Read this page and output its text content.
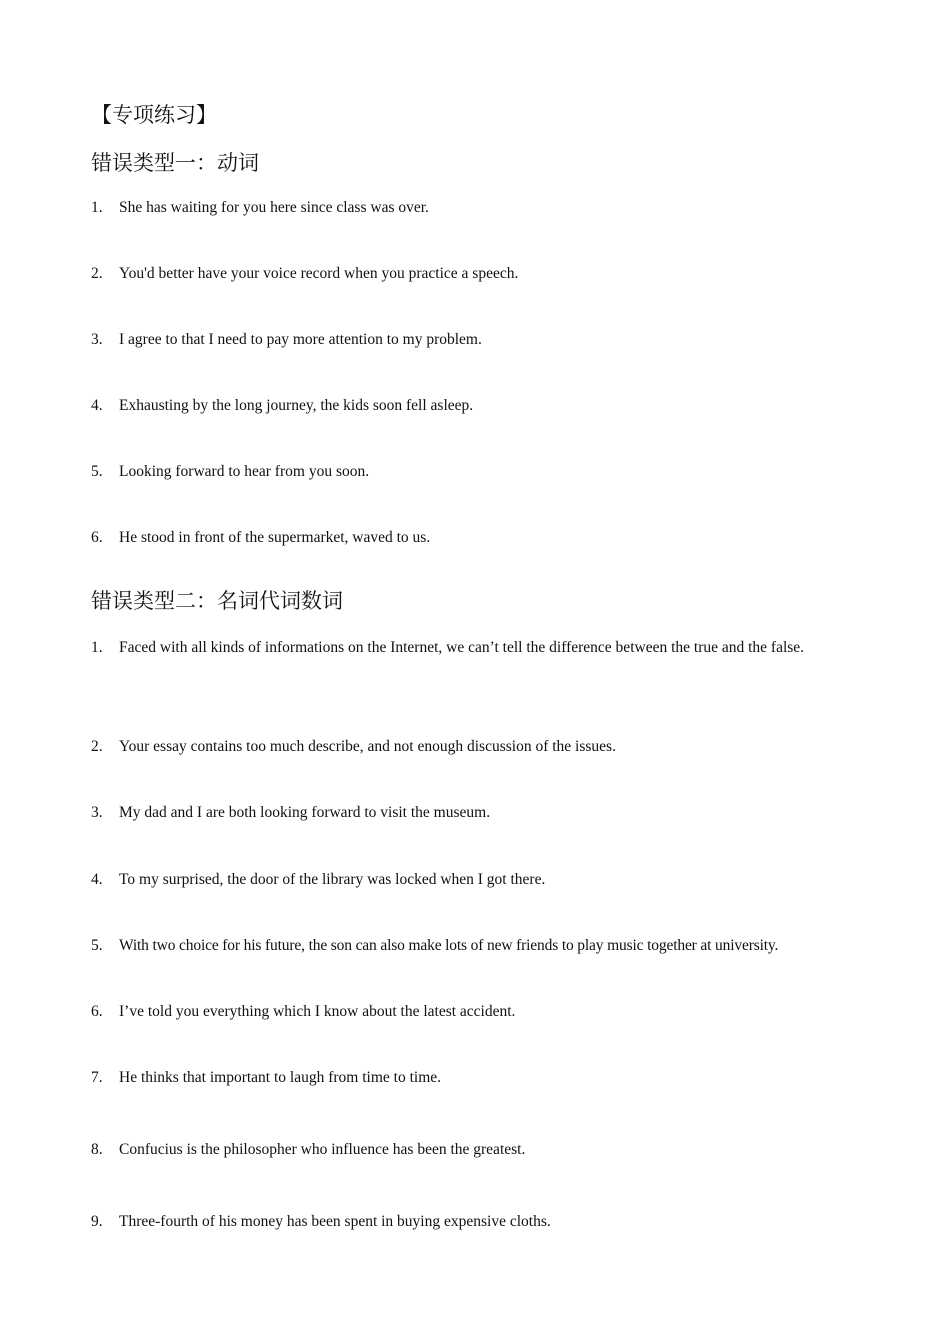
【专项练习】
错误类型一：动词
1.	She has waiting for you here since class was over.
2.	You'd better have your voice record when you practice a speech.
3.	I agree to that I need to pay more attention to my problem.
4.	Exhausting by the long journey, the kids soon fell asleep.
5.	Looking forward to hear from you soon.
6.	He stood in front of the supermarket, waved to us.
错误类型二：名词代词数词
1.	Faced with all kinds of informations on the Internet, we can’t tell the difference between the true and the false.
2.	Your essay contains too much describe, and not enough discussion of the issues.
3.	My dad and I are both looking forward to visit the museum.
4.	To my surprised, the door of the library was locked when I got there.
5.	With two choice for his future, the son can also make lots of new friends to play music together at university.
6.	I’ve told you everything which I know about the latest accident.
7.	He thinks that important to laugh from time to time.
8.	Confucius is the philosopher who influence has been the greatest.
9.	Three-fourth of his money has been spent in buying expensive cloths.
